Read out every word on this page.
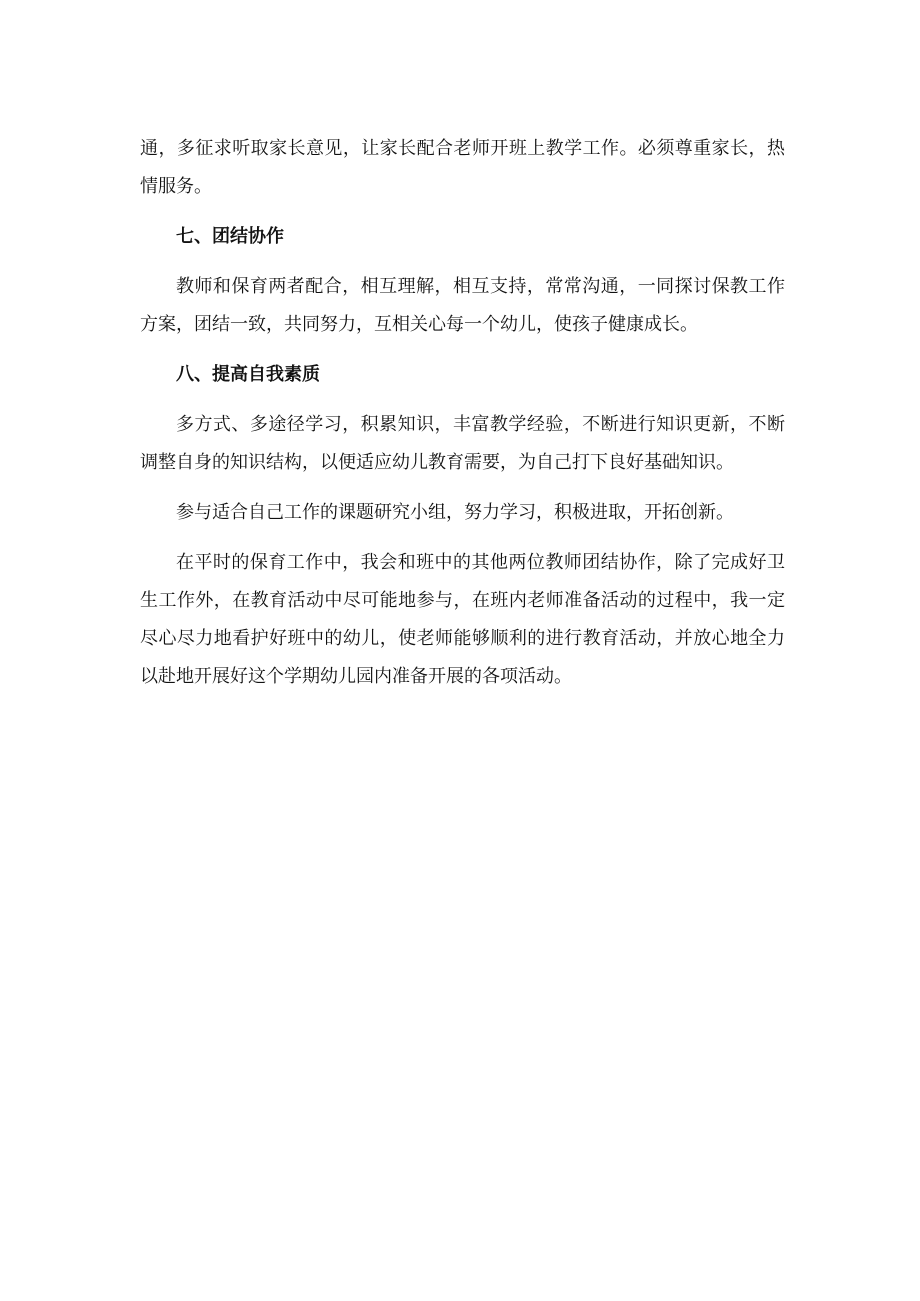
通，多征求听取家长意见，让家长配合老师开班上教学工作。必须尊重家长，热情服务。

七、团结协作

教师和保育两者配合，相互理解，相互支持，常常沟通，一同探讨保教工作方案，团结一致，共同努力，互相关心每一个幼儿，使孩子健康成长。

八、提高自我素质

多方式、多途径学习，积累知识，丰富教学经验，不断进行知识更新，不断调整自身的知识结构，以便适应幼儿教育需要，为自己打下良好基础知识。

参与适合自己工作的课题研究小组，努力学习，积极进取，开拓创新。

在平时的保育工作中，我会和班中的其他两位教师团结协作，除了完成好卫生工作外，在教育活动中尽可能地参与，在班内老师准备活动的过程中，我一定尽心尽力地看护好班中的幼儿，使老师能够顺利的进行教育活动，并放心地全力以赴地开展好这个学期幼儿园内准备开展的各项活动。
